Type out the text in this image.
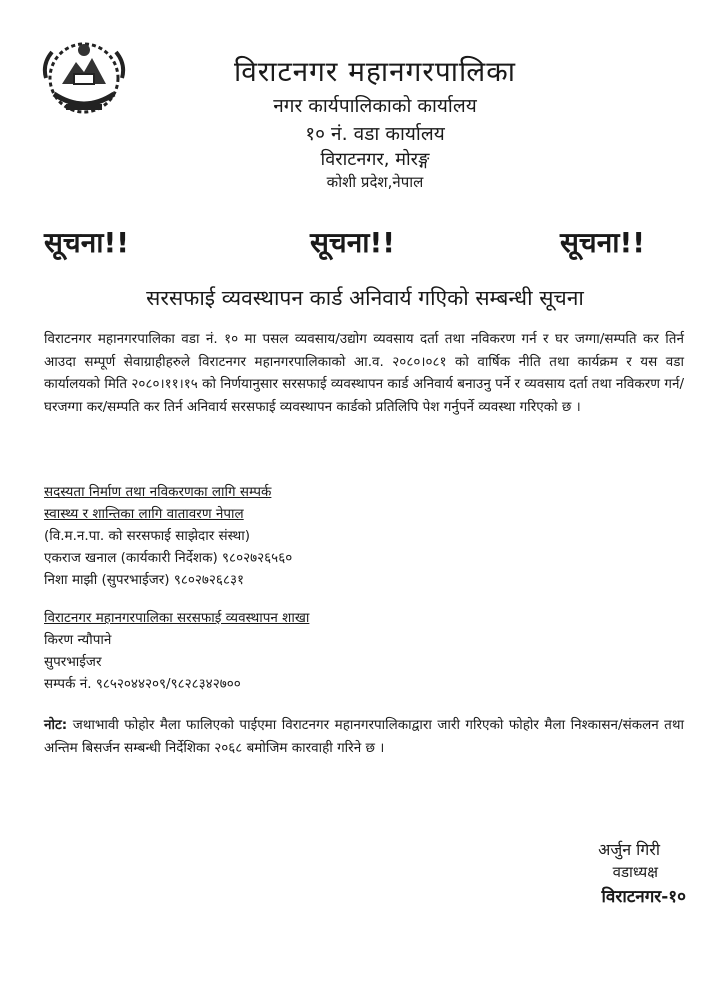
विराटनगर महानगरपालिका
नगर कार्यपालिकाको कार्यालय
१० नं. वडा कार्यालय
विराटनगर, मोरङ्ग
कोशी प्रदेश,नेपाल
सूचना!!	सूचना!!	सूचना!!
सरसफाई व्यवस्थापन कार्ड अनिवार्य गएिको सम्बन्धी सूचना
विराटनगर महानगरपालिका वडा नं. १० मा पसल व्यवसाय/उद्योग व्यवसाय दर्ता तथा नविकरण गर्न र घर जग्गा/सम्पति कर तिर्न आउदा सम्पूर्ण सेवाग्राहीहरुले विराटनगर महानगरपालिकाको आ.व. २०८०।०८१ को वार्षिक नीति तथा कार्यक्रम र यस वडा कार्यालयको मिति २०८०।११।१५ को निर्णयानुसार सरसफाई व्यवस्थापन कार्ड अनिवार्य बनाउनु पर्ने र व्यवसाय दर्ता तथा नविकरण गर्न/ घरजग्गा कर/सम्पति कर तिर्न अनिवार्य सरसफाई व्यवस्थापन कार्डको प्रतिलिपि पेश गर्नुपर्ने व्यवस्था गरिएको छ ।
सदस्यता निर्माण तथा नविकरणका लागि सम्पर्क
स्वास्थ्य र शान्तिका लागि वातावरण नेपाल
(वि.म.न.पा. को सरसफाई साझेदार संस्था)
एकराज खनाल (कार्यकारी निर्देशक) ९८०२७२६५६०
निशा माझी (सुपरभाईजर) ९८०२७२६८३१
विराटनगर महानगरपालिका सरसफाई व्यवस्थापन शाखा
किरण न्यौपाने
सुपरभाईजर
सम्पर्क नं. ९८५२०४४२०९/९८२८३४२७००
नोट: जथाभावी फोहोर मैला फालिएको पाईएमा विराटनगर महानगरपालिकाद्वारा जारी गरिएको फोहोर मैला निश्कासन/संकलन तथा अन्तिम बिसर्जन सम्बन्धी निर्देशिका २०६८ बमोजिम कारवाही गरिने छ ।
अर्जुन गिरी
वडाध्यक्ष
विराटनगर-१०
